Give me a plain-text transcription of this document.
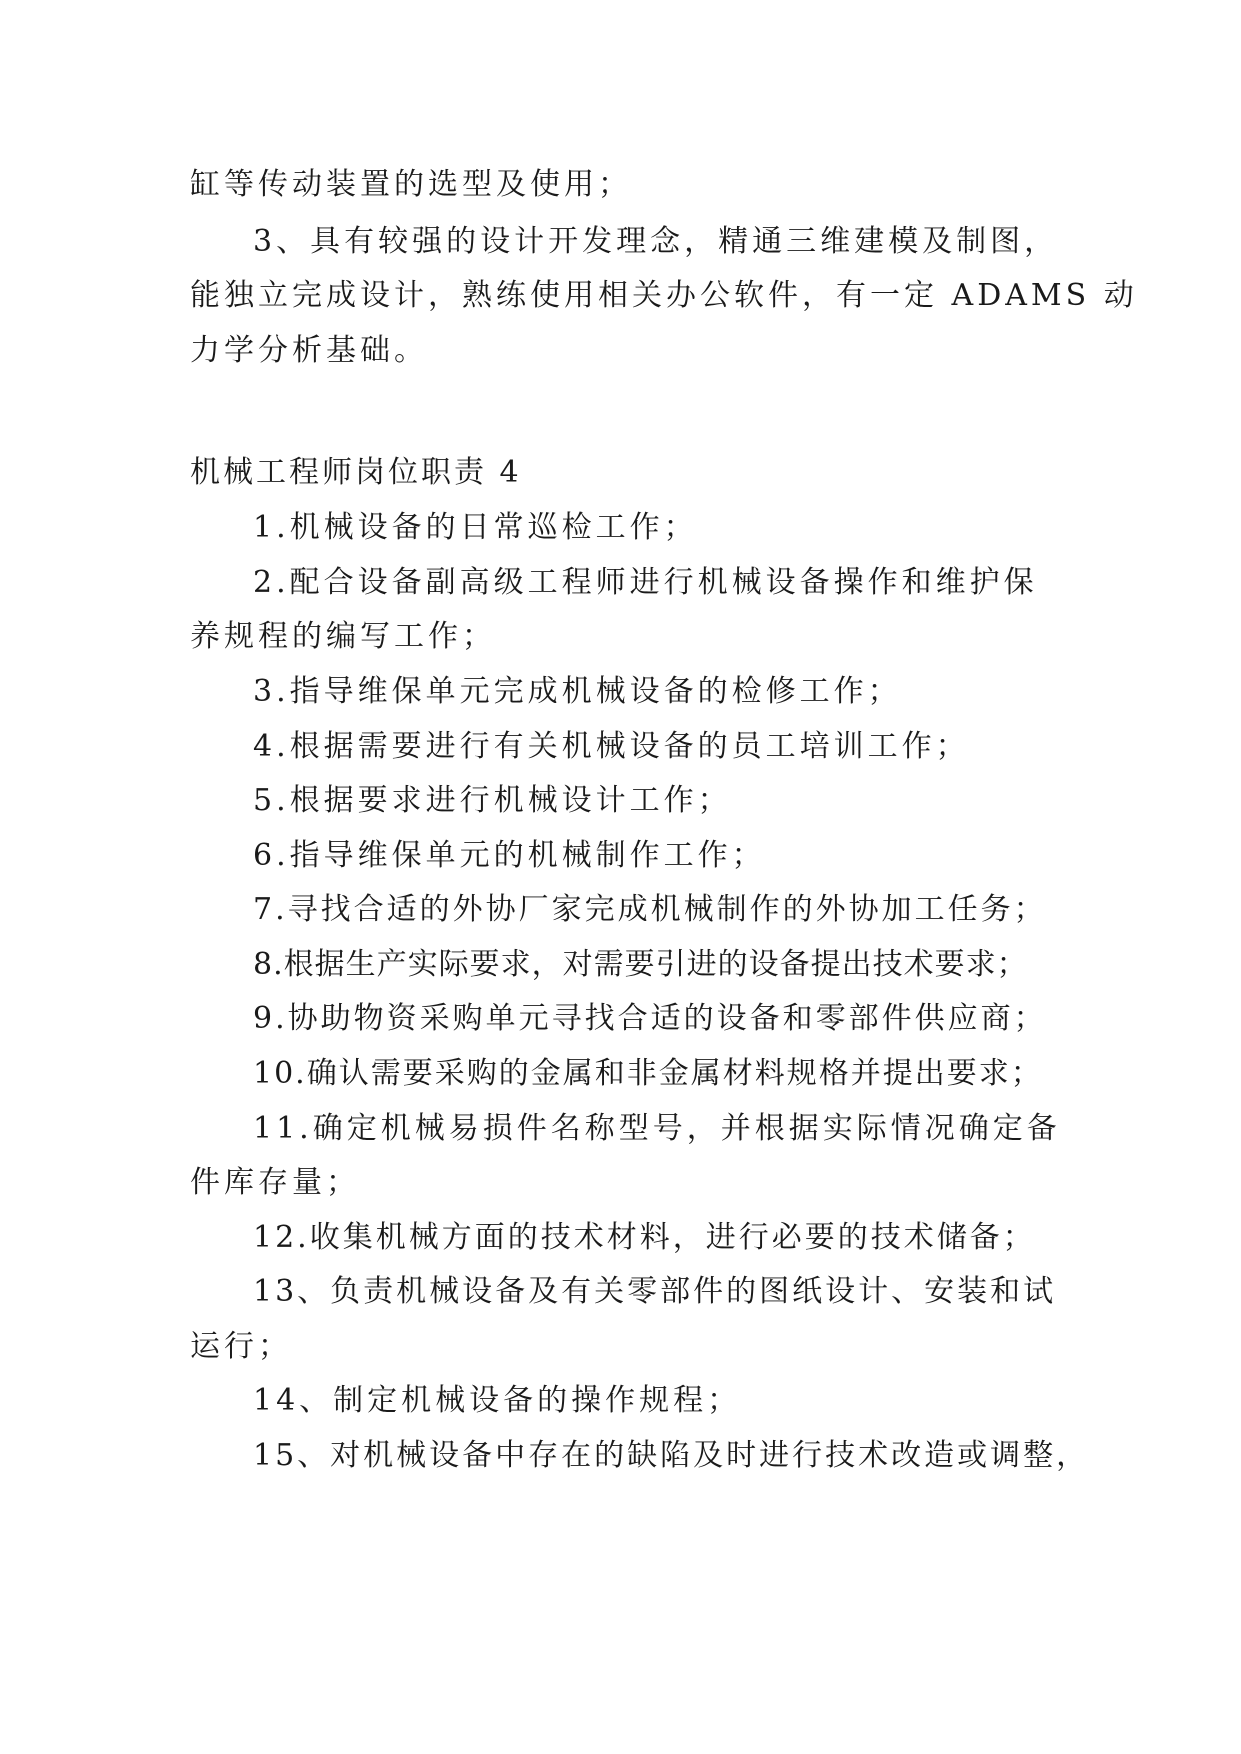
缸等传动装置的选型及使用；
3、具有较强的设计开发理念，精通三维建模及制图，
能独立完成设计，熟练使用相关办公软件，有一定 ADAMS 动
力学分析基础。
机械工程师岗位职责 4
1.机械设备的日常巡检工作；
2.配合设备副高级工程师进行机械设备操作和维护保
养规程的编写工作；
3.指导维保单元完成机械设备的检修工作；
4.根据需要进行有关机械设备的员工培训工作；
5.根据要求进行机械设计工作；
6.指导维保单元的机械制作工作；
7.寻找合适的外协厂家完成机械制作的外协加工任务；
8.根据生产实际要求，对需要引进的设备提出技术要求；
9.协助物资采购单元寻找合适的设备和零部件供应商；
10.确认需要采购的金属和非金属材料规格并提出要求；
11.确定机械易损件名称型号，并根据实际情况确定备
件库存量；
12.收集机械方面的技术材料，进行必要的技术储备；
13、负责机械设备及有关零部件的图纸设计、安装和试
运行；
14、制定机械设备的操作规程；
15、对机械设备中存在的缺陷及时进行技术改造或调整，
